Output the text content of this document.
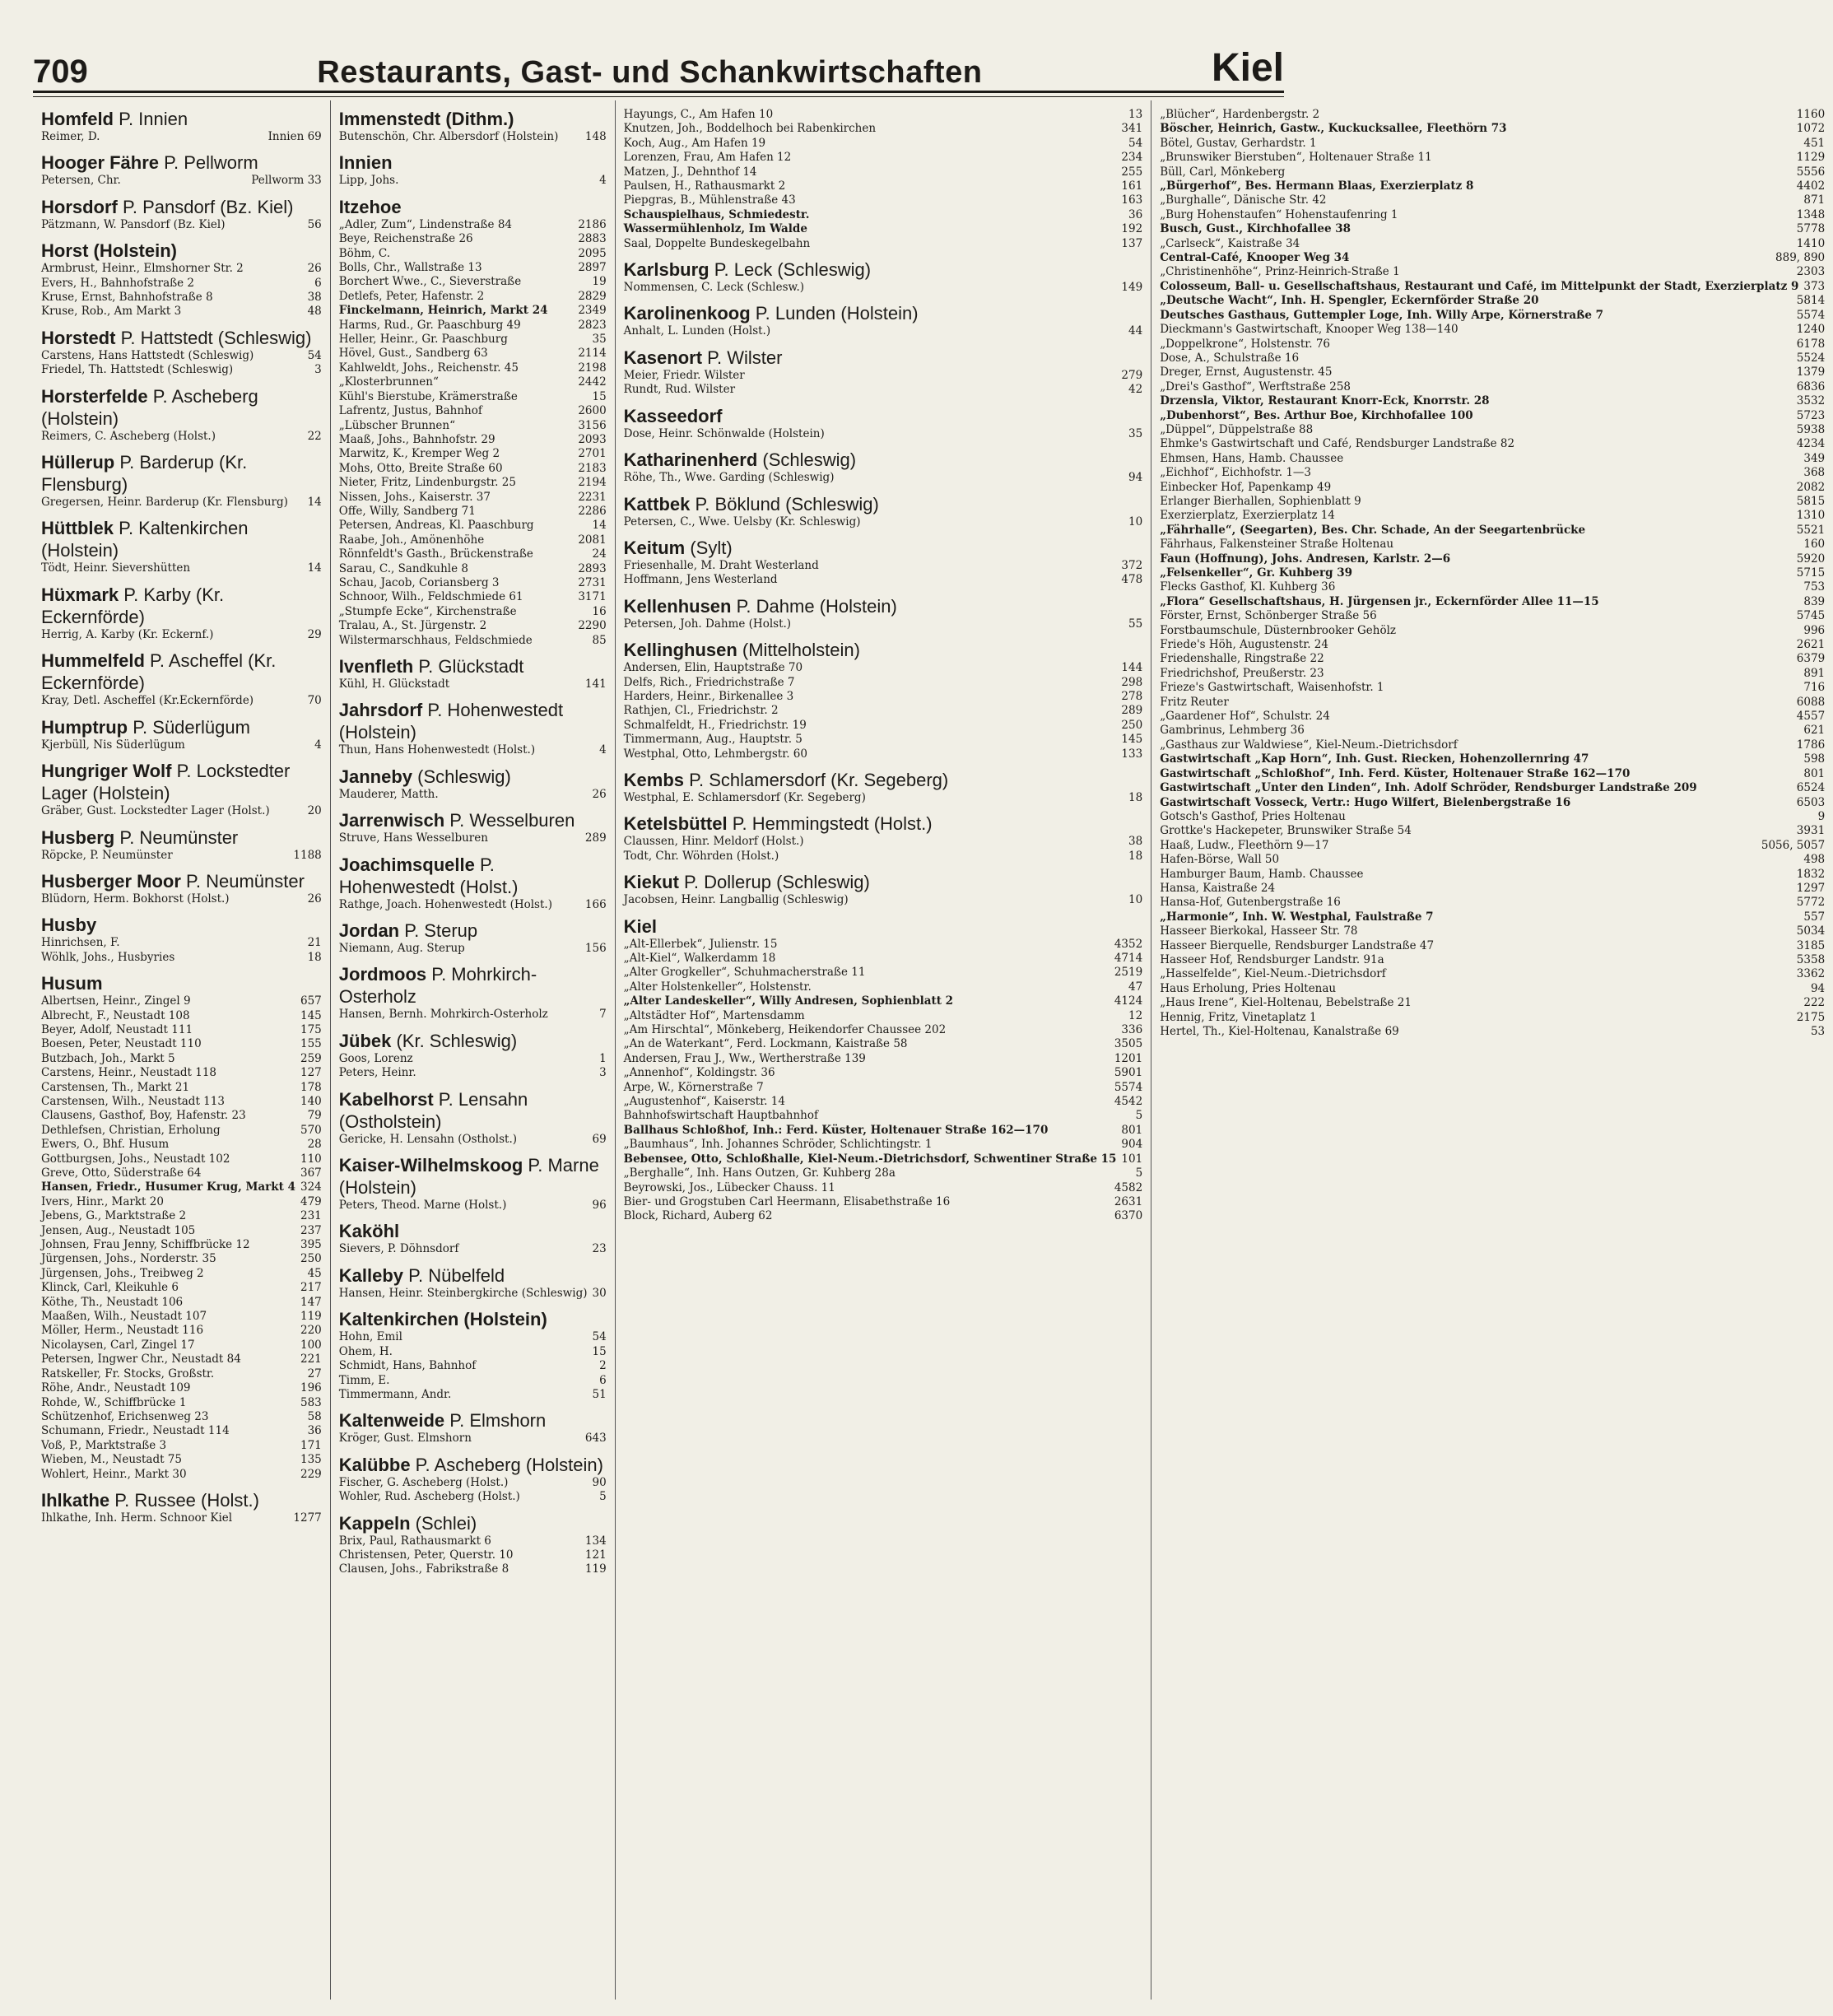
709	Restaurants, Gast- und Schankwirtschaften	Kiel
Homfeld P. Innien
Reimer, D.	Innien 69
Hooger Fähre P. Pellworm
Petersen, Chr.	Pellworm 33
Horsdorf P. Pansdorf (Bz. Kiel)
Pätzmann, W. Pansdorf (Bz. Kiel)	56
Horst (Holstein)
Armbrust, Heinr., Elmshorner Str. 2	26
Evers, H., Bahnhofstraße 2	6
Kruse, Ernst, Bahnhofstraße 8	38
Kruse, Rob., Am Markt 3	48
Horstedt P. Hattstedt (Schleswig)
Carstens, Hans Hattstedt (Schleswig)	54
Friedel, Th. Hattstedt (Schleswig)	3
Horsterfelde P. Ascheberg (Holstein)
Reimers, C. Ascheberg (Holst.)	22
Hüllerup P. Barderup (Kr. Flensburg)
Gregersen, Heinr. Barderup (Kr. Flensburg) 14
Hüttblek P. Kaltenkirchen (Holstein)
Tödt, Heinr. Sievershütten	14
Hüxmark P. Karby (Kr. Eckernförde)
Herrig, A. Karby (Kr. Eckernf.)	29
Hummelfeld P. Ascheffel (Kr. Eckernförde)
Kray, Detl. Ascheffel (Kr.Eckernförde)	70
Humptrup P. Süderlügum
Kjerbüll, Nis Süderlügum	4
Hungriger Wolf P. Lockstedter Lager (Holstein)
Gräber, Gust. Lockstedter Lager (Holst.)	20
Husberg P. Neumünster
Röpcke, P. Neumünster	1188
Husberger Moor P. Neumünster
Blüdorn, Herm. Bokhorst (Holst.)	26
Husby
Hinrichsen, F.	21
Wöhlk, Johs., Husbyries	18
Husum
Albertsen, Heinr., Zingel 9	657
Albrecht, F., Neustadt 108	145
Beyer, Adolf, Neustadt 111	175
Boesen, Peter, Neustadt 110	155
Butzbach, Joh., Markt 5	259
Carstens, Heinr., Neustadt 118	127
Carstensen, Th., Markt 21	178
Carstensen, Wilh., Neustadt 113	140
Clausens, Gasthof, Boy, Hafenstr. 23	79
Dethlefsen, Christian, Erholung	570
Ewers, O., Bhf. Husum	28
Gottburgsen, Johs., Neustadt 102	110
Greve, Otto, Süderstraße 64	367
Hansen, Friedr., Husumer Krug, Markt 4 324
Ivers, Hinr., Markt 20	479
Jebens, G., Marktstraße 2	231
Jensen, Aug., Neustadt 105	237
Johnsen, Frau Jenny, Schiffbrücke 12	395
Jürgensen, Johs., Norderstr. 35	250
Jürgensen, Johs., Treibweg 2	45
Klinck, Carl, Kleikuhle 6	217
Köthe, Th., Neustadt 106	147
Maaßen, Wilh., Neustadt 107	119
Möller, Herm., Neustadt 116	220
Nicolaysen, Carl, Zingel 17	100
Petersen, Ingwer Chr., Neustadt 84	221
Ratskeller, Fr. Stocks, Großstr.	27
Röhe, Andr., Neustadt 109	196
Rohde, W., Schiffbrücke 1	583
Schützenhof, Erichsenweg 23	58
Schumann, Friedr., Neustadt 114	36
Voß, P., Marktstraße 3	171
Wieben, M., Neustadt 75	135
Wohlert, Heinr., Markt 30	229
Ihlkathe P. Russee (Holst.)
Ihlkathe, Inh. Herm. Schnoor Kiel	1277
Immenstedt (Dithm.)
Butenschön, Chr. Albersdorf (Holstein) 148
Innien
Lipp, Johs.	4
Itzehoe
„Adler, Zum“, Lindenstraße 84	2186
Beye, Reichenstraße 26	2883
Böhm, C.	2095
Bolls, Chr., Wallstraße 13	2897
Borchert Wwe., C., Sieverstraße	19
Detlefs, Peter, Hafenstr. 2	2829
Finckelmann, Heinrich, Markt 24	2349
Harms, Rud., Gr. Paaschburg 49	2823
Heller, Heinr., Gr. Paaschburg	35
Hövel, Gust., Sandberg 63	2114
Kahlweldt, Johs., Reichenstr. 45	2198
„Klosterbrunnen“	2442
Kühl's Bierstube, Krämerstraße	15
Lafrentz, Justus, Bahnhof	2600
„Lübscher Brunnen“	3156
Maaß, Johs., Bahnhofstr. 29	2093
Marwitz, K., Kremper Weg 2	2701
Mohs, Otto, Breite Straße 60	2183
Nieter, Fritz, Lindenburgstr. 25	2194
Nissen, Johs., Kaiserstr. 37	2231
Offe, Willy, Sandberg 71	2286
Petersen, Andreas, Kl. Paaschburg	14
Raabe, Joh., Amönenhöhe	2081
Rönnfeldt's Gasth., Brückenstraße	24
Sarau, C., Sandkuhle 8	2893
Schau, Jacob, Coriansberg 3	2731
Schnoor, Wilh., Feldschmiede 61	3171
„Stumpfe Ecke“, Kirchenstraße	16
Tralau, A., St. Jürgenstr. 2	2290
Wilstermarschhaus, Feldschmiede	85
Ivenfleth P. Glückstadt
Kühl, H. Glückstadt	141
Jahrsdorf P. Hohenwestedt (Holstein)
Thun, Hans Hohenwestedt (Holst.)	4
Janneby (Schleswig)
Mauderer, Matth.	26
Jarrenwisch P. Wesselburen
Struve, Hans Wesselburen	289
Joachimsquelle P. Hohenwestedt (Holst.)
Rathge, Joach. Hohenwestedt (Holst.)	166
Jordan P. Sterup
Niemann, Aug. Sterup	156
Jordmoos P. Mohrkirch-Osterholz
Hansen, Bernh. Mohrkirch-Osterholz	7
Jübek (Kr. Schleswig)
Goos, Lorenz	1
Peters, Heinr.	3
Kabelhorst P. Lensahn (Ostholstein)
Gericke, H. Lensahn (Ostholst.)	69
Kaiser-Wilhelmskoog P. Marne (Holstein)
Peters, Theod. Marne (Holst.)	96
Kaköhl
Sievers, P. Döhnsdorf	23
Kalleby P. Nübelfeld
Hansen, Heinr. Steinbergkirche (Schleswig) 30
Kaltenkirchen (Holstein)
Hohn, Emil	54
Ohem, H.	15
Schmidt, Hans, Bahnhof	2
Timm, E.	6
Timmermann, Andr.	51
Kaltenweide P. Elmshorn
Kröger, Gust. Elmshorn	643
Kalübbe P. Ascheberg (Holstein)
Fischer, G. Ascheberg (Holst.)	90
Wohler, Rud. Ascheberg (Holst.)	5
Kappeln (Schlei)
Brix, Paul, Rathausmarkt 6	134
Christensen, Peter, Querstr. 10	121
Clausen, Johs., Fabrikstraße 8	119
Hayungs, C., Am Hafen 10	13
Knutzen, Joh., Boddelhoch bei Rabenkirchen	341
Koch, Aug., Am Hafen 19	54
Lorenzen, Frau, Am Hafen 12	234
Matzen, J., Dehnthof 14	255
Paulsen, H., Rathausmarkt 2	161
Piepgras, B., Mühlenstraße 43	163
Schauspielhaus, Schmiedestr.	36
Wassermühlenholz, Im Walde	192
Saal, Doppelte Bundeskegelbahn	137
Karlsburg P. Leck (Schleswig)
Nommensen, C. Leck (Schlesw.)	149
Karolinenkoog P. Lunden (Holstein)
Anhalt, L. Lunden (Holst.)	44
Kasenort P. Wilster
Meier, Friedr. Wilster	279
Rundt, Rud. Wilster	42
Kasseedorf
Dose, Heinr. Schönwalde (Holstein)	35
Katharinenherd (Schleswig)
Röhe, Th., Wwe. Garding (Schleswig)	94
Kattbek P. Böklund (Schleswig)
Petersen, C., Wwe. Uelsby (Kr. Schleswig)	10
Keitum (Sylt)
Friesenhalle, M. Draht Westerland	372
Hoffmann, Jens Westerland	478
Kellenhusen P. Dahme (Holstein)
Petersen, Joh. Dahme (Holst.)	55
Kellinghusen (Mittelholstein)
Andersen, Elin, Hauptstraße 70	144
Delfs, Rich., Friedrichstraße 7	298
Harders, Heinr., Birkenallee 3	278
Rathjen, Cl., Friedrichstr. 2	289
Schmalfeldt, H., Friedrichstr. 19	250
Timmermann, Aug., Hauptstr. 5	145
Westphal, Otto, Lehmbergstr. 60	133
Kembs P. Schlamersdorf (Kr. Segeberg)
Westphal, E. Schlamersdorf (Kr. Segeberg)	18
Ketelsbüttel P. Hemmingstedt (Holst.)
Claussen, Hinr. Meldorf (Holst.)	38
Todt, Chr. Wöhrden (Holst.)	18
Kiekut P. Dollerup (Schleswig)
Jacobsen, Heinr. Langballig (Schleswig)	10
Kiel
„Alt-Ellerbek“, Julienstr. 15	4352
„Alt-Kiel“, Walkerdamm 18	4714
„Alter Grogkeller“, Schuhmacherstraße 11	2519
„Alter Holstenkeller“, Holstenstr.	47
„Alter Landeskeller“, Willy Andresen, Sophienblatt 2	4124
„Altstädter Hof“, Martensdamm	12
„Am Hirschtal“, Mönkeberg, Heikendorfer Chaussee 202	336
„An de Waterkant“, Ferd. Lockmann, Kaistraße 58	3505
Andersen, Frau J., Ww., Wertherstraße 139	1201
„Annenhof“, Koldingstr. 36	5901
Arpe, W., Körnerstraße 7	5574
„Augustenhof“, Kaiserstr. 14	4542
Bahnhofswirtschaft Hauptbahnhof	5
Ballhaus Schloßhof, Inh.: Ferd. Küster, Holtenauer Straße 162—170	801
„Baumhaus“, Inh. Johannes Schröder, Schlichtingstr. 1	904
Bebensee, Otto, Schloßhalle, Kiel-Neum.-Dietrichsdorf, Schwentiner Straße 15 101
„Berghalle“, Inh. Hans Outzen, Gr. Kuhberg 28a	5
Beyrowski, Jos., Lübecker Chauss. 11	4582
Bier- und Grogstuben Carl Heermann, Elisabethstraße 16	2631
Block, Richard, Auberg 62	6370
„Blücher“, Hardenbergstr. 2	1160
Böscher, Heinrich, Gastw., Kuckucksallee, Fleethörn 73	1072
Bötel, Gustav, Gerhardstr. 1	451
„Brunswiker Bierstuben“, Holtenauer Straße 11	1129
Büll, Carl, Mönkeberg	5556
„Bürgerhof“, Bes. Hermann Blaas, Exerzierplatz 8	4402
„Burghalle“, Dänische Str. 42	871
„Burg Hohenstaufen“ Hohenstaufenring 1	1348
Busch, Gust., Kirchhofallee 38	5778
„Carlseck“, Kaistraße 34	1410
Central-Café, Knooper Weg 34	889, 890
„Christinenhöhe“, Prinz-Heinrich-Straße 1	2303
Colosseum, Ball- u. Gesellschaftshaus, Restaurant und Café, im Mittelpunkt der Stadt, Exerzierplatz 9 373
„Deutsche Wacht“, Inh. H. Spengler, Eckernförder Straße 20	5814
Deutsches Gasthaus, Guttempler Loge, Inh. Willy Arpe, Körnerstraße 7	5574
Dieckmann's Gastwirtschaft, Knooper Weg 138—140	1240
„Doppelkrone“, Holstenstr. 76	6178
Dose, A., Schulstraße 16	5524
Dreger, Ernst, Augustenstr. 45	1379
„Drei's Gasthof“, Werftstraße 258	6836
Drzensla, Viktor, Restaurant Knorr-Eck, Knorrstr. 28	3532
„Dubenhorst“, Bes. Arthur Boe, Kirchhofallee 100	5723
„Düppel“, Düppelstraße 88	5938
Ehmke's Gastwirtschaft und Café, Rendsburger Landstraße 82	4234
Ehmsen, Hans, Hamb. Chaussee	349
„Eichhof“, Eichhofstr. 1—3	368
Einbecker Hof, Papenkamp 49	2082
Erlanger Bierhallen, Sophienblatt 9	5815
Exerzierplatz, Exerzierplatz 14	1310
„Fährhalle“, (Seegarten), Bes. Chr. Schade, An der Seegartenbrücke	5521
Fährhaus, Falkensteiner Straße Holtenau	160
Faun (Hoffnung), Johs. Andresen, Karlstr. 2—6	5920
„Felsenkeller“, Gr. Kuhberg 39	5715
Flecks Gasthof, Kl. Kuhberg 36	753
„Flora“ Gesellschaftshaus, H. Jürgensen jr., Eckernförder Allee 11—15	839
Förster, Ernst, Schönberger Straße 56	5745
Forstbaumschule, Düsternbrooker Gehölz	996
Friede's Höh, Augustenstr. 24	2621
Friedenshalle, Ringstraße 22	6379
Friedrichshof, Preußerstr. 23	891
Frieze's Gastwirtschaft, Waisenhofstr. 1	716
Fritz Reuter	6088
„Gaardener Hof“, Schulstr. 24	4557
Gambrinus, Lehmberg 36	621
„Gasthaus zur Waldwiese“, Kiel-Neum.-Dietrichsdorf	1786
Gastwirtschaft „Kap Horn“, Inh. Gust. Riecken, Hohenzollernring 47	598
Gastwirtschaft „Schloßhof“, Inh. Ferd. Küster, Holtenauer Straße 162—170	801
Gastwirtschaft „Unter den Linden“, Inh. Adolf Schröder, Rendsburger Landstraße 209	6524
Gastwirtschaft Vosseck, Vertr.: Hugo Wilfert, Bielenbergstraße 16	6503
Gotsch's Gasthof, Pries Holtenau	9
Grottke's Hackepeter, Brunswiker Straße 54	3931
Haaß, Ludw., Fleethörn 9—17	5056, 5057
Hafen-Börse, Wall 50	498
Hamburger Baum, Hamb. Chaussee	1832
Hansa, Kaistraße 24	1297
Hansa-Hof, Gutenbergstraße 16	5772
„Harmonie“, Inh. W. Westphal, Faulstraße 7	557
Hasseer Bierkokal, Hasseer Str. 78	5034
Hasseer Bierquelle, Rendsburger Landstraße 47	3185
Hasseer Hof, Rendsburger Landstr. 91a	5358
„Hasselfelde“, Kiel-Neum.-Dietrichsdorf	3362
Haus Erholung, Pries Holtenau	94
„Haus Irene“, Kiel-Holtenau, Bebelstraße 21	222
Hennig, Fritz, Vinetaplatz 1	2175
Hertel, Th., Kiel-Holtenau, Kanalstraße 69	53
